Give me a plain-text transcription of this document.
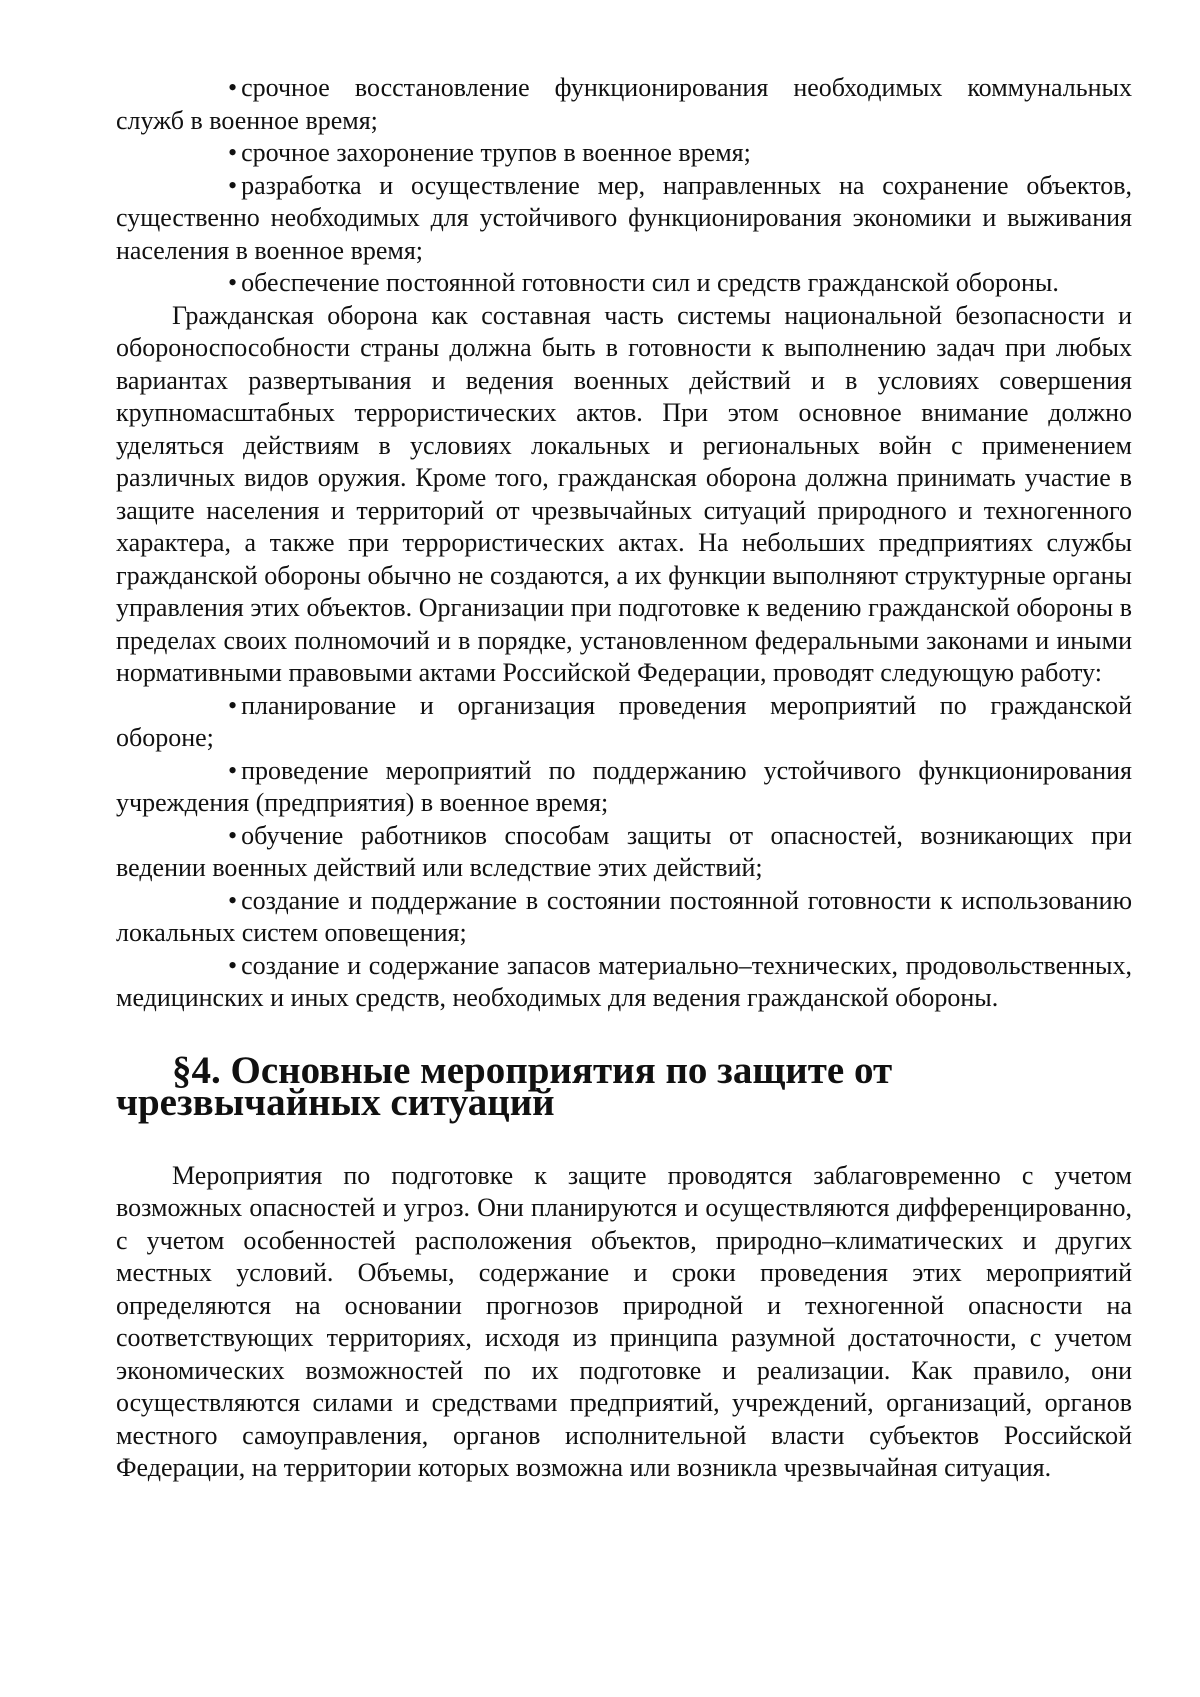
• срочное восстановление функционирования необходимых коммунальных служб в военное время;

• срочное захоронение трупов в военное время;

• разработка и осуществление мер, направленных на сохранение объектов, существенно необходимых для устойчивого функционирования экономики и выживания населения в военное время;

• обеспечение постоянной готовности сил и средств гражданской обороны.

Гражданская оборона как составная часть системы национальной безопасности и обороноспособности страны должна быть в готовности к выполнению задач при любых вариантах развертывания и ведения военных действий и в условиях совершения крупномасштабных террористических актов. При этом основное внимание должно уделяться действиям в условиях локальных и региональных войн с применением различных видов оружия. Кроме того, гражданская оборона должна принимать участие в защите населения и территорий от чрезвычайных ситуаций природного и техногенного характера, а также при террористических актах. На небольших предприятиях службы гражданской обороны обычно не создаются, а их функции выполняют структурные органы управления этих объектов. Организации при подготовке к ведению гражданской обороны в пределах своих полномочий и в порядке, установленном федеральными законами и иными нормативными правовыми актами Российской Федерации, проводят следующую работу:

• планирование и организация проведения мероприятий по гражданской обороне;

• проведение мероприятий по поддержанию устойчивого функционирования учреждения (предприятия) в военное время;

• обучение работников способам защиты от опасностей, возникающих при ведении военных действий или вследствие этих действий;

• создание и поддержание в состоянии постоянной готовности к использованию локальных систем оповещения;

• создание и содержание запасов материально–технических, продовольственных, медицинских и иных средств, необходимых для ведения гражданской обороны.

§4. Основные мероприятия по защите от чрезвычайных ситуаций

Мероприятия по подготовке к защите проводятся заблаговременно с учетом возможных опасностей и угроз. Они планируются и осуществляются дифференцированно, с учетом особенностей расположения объектов, природно–климатических и других местных условий. Объемы, содержание и сроки проведения этих мероприятий определяются на основании прогнозов природной и техногенной опасности на соответствующих территориях, исходя из принципа разумной достаточности, с учетом экономических возможностей по их подготовке и реализации. Как правило, они осуществляются силами и средствами предприятий, учреждений, организаций, органов местного самоуправления, органов исполнительной власти субъектов Российской Федерации, на территории которых возможна или возникла чрезвычайная ситуация.
